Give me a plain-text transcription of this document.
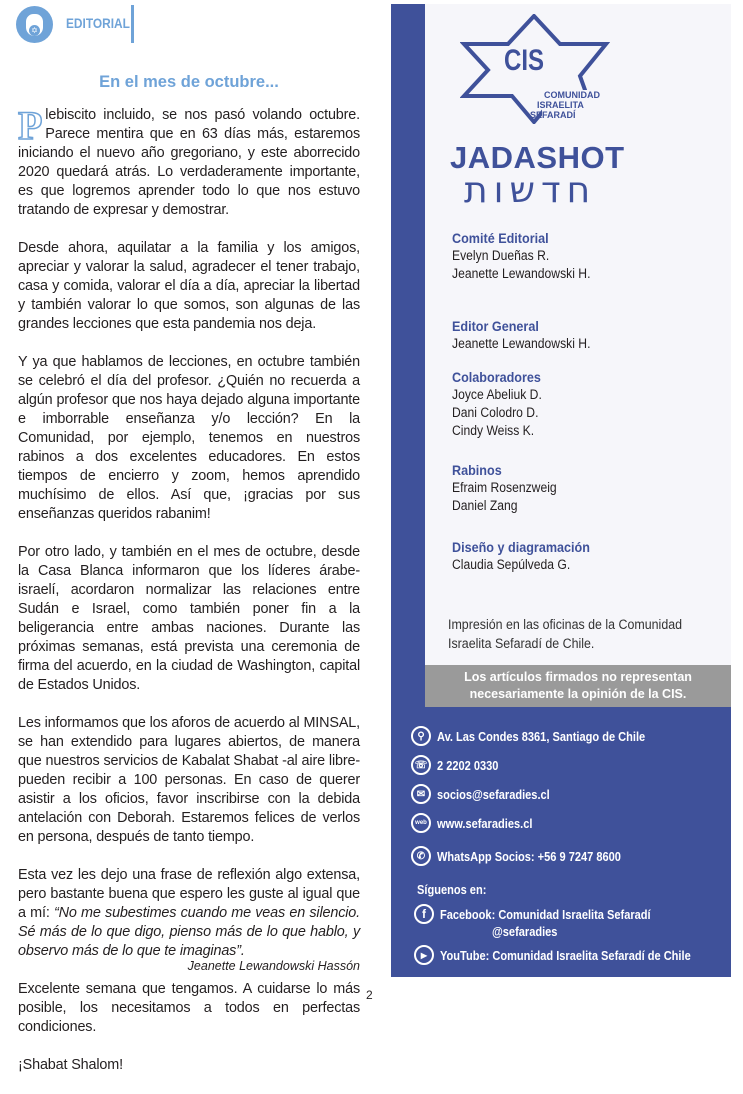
✡ EDITORIAL
En el mes de octubre...

Plebiscito incluido, se nos pasó volando octubre. Parece mentira que en 63 días más, estaremos iniciando el nuevo año gregoriano, y este aborrecido 2020 quedará atrás. Lo verdaderamente importante, es que logremos aprender todo lo que nos estuvo tratando de expresar y demostrar.

Desde ahora, aquilatar a la familia y los amigos, apreciar y valorar la salud, agradecer el tener trabajo, casa y comida, valorar el día a día, apreciar la libertad y también valorar lo que somos, son algunas de las grandes lecciones que esta pandemia nos deja.

Y ya que hablamos de lecciones, en octubre también se celebró el día del profesor. ¿Quién no recuerda a algún profesor que nos haya dejado alguna importante e imborrable enseñanza y/o lección? En la Comunidad, por ejemplo, tenemos en nuestros rabinos a dos excelentes educadores. En estos tiempos de encierro y zoom, hemos aprendido muchísimo de ellos. Así que, ¡gracias por sus enseñanzas queridos rabanim!

Por otro lado, y también en el mes de octubre, desde la Casa Blanca informaron que los líderes árabe-israelí, acordaron normalizar las relaciones entre Sudán e Israel, como también poner fin a la beligerancia entre ambas naciones. Durante las próximas semanas, está prevista una ceremonia de firma del acuerdo, en la ciudad de Washington, capital de Estados Unidos.

Les informamos que los aforos de acuerdo al MINSAL, se han extendido para lugares abiertos, de manera que nuestros servicios de Kabalat Shabat -al aire libre- pueden recibir a 100 personas. En caso de querer asistir a los oficios, favor inscribirse con la debida antelación con Deborah. Estaremos felices de verlos en persona, después de tanto tiempo.

Esta vez les dejo una frase de reflexión algo extensa, pero bastante buena que espero les guste al igual que a mí: “No me subestimes cuando me veas en silencio. Sé más de lo que digo, pienso más de lo que hablo, y observo más de lo que te imaginas”.

Excelente semana que tengamos. A cuidarse lo más posible, los necesitamos a todos en perfectas condiciones.

¡Shabat Shalom!

Jeanette Lewandowski Hassón
2
CIS
COMUNIDAD
ISRAELITA
SEFARADÍ
JADASHOT
חדשות
Comité Editorial
Evelyn Dueñas R.
Jeanette Lewandowski H.
Editor General
Jeanette Lewandowski H.
Colaboradores
Joyce Abeliuk D.
Dani Colodro D.
Cindy Weiss K.
Rabinos
Efraim Rosenzweig
Daniel Zang
Diseño y diagramación
Claudia Sepúlveda G.
Impresión en las oficinas de la Comunidad
Israelita Sefaradí de Chile.
Los artículos firmados no representan
necesariamente la opinión de la CIS.
⚲ Av. Las Condes 8361, Santiago de Chile
☏ 2 2202 0330
✉ socios@sefaradies.cl
web www.sefaradies.cl
✆ WhatsApp Socios: +56 9 7247 8600
Síguenos en:
f	Facebook: Comunidad Israelita Sefaradí
@sefaradies
▶ YouTube: Comunidad Israelita Sefaradí de Chile
